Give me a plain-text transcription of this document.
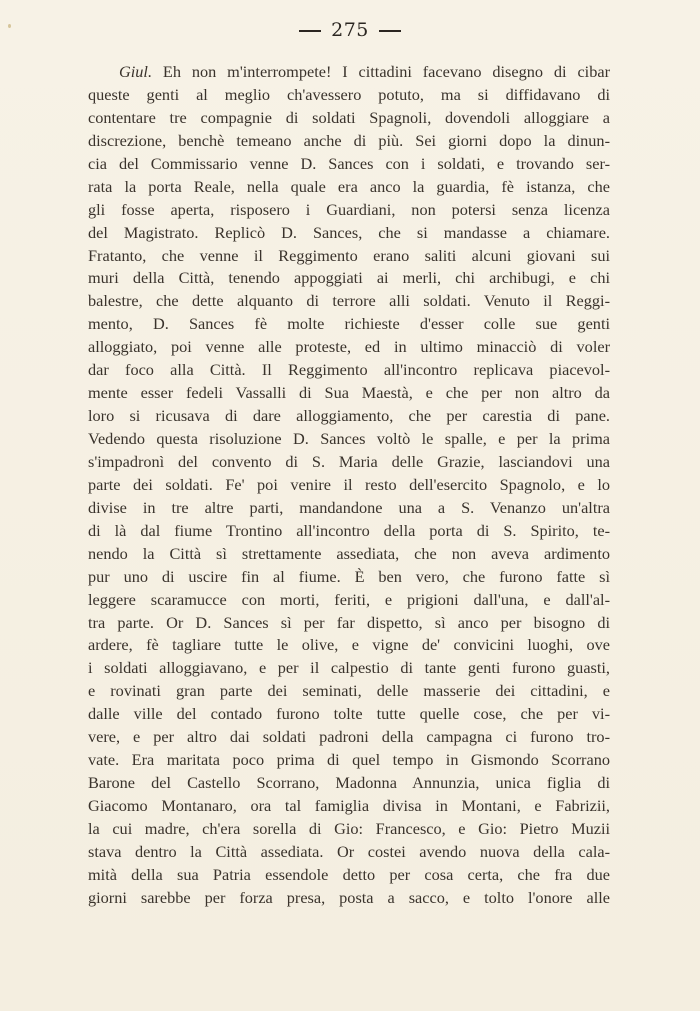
275
Giul. Eh non m'interrompete! I cittadini facevano disegno di cibar
queste genti al meglio ch'avessero potuto, ma si diffidavano di
contentare tre compagnie di soldati Spagnoli, dovendoli alloggiare a
discrezione, benchè temeano anche di più. Sei giorni dopo la dinun-
cia del Commissario venne D. Sances con i soldati, e trovando ser-
rata la porta Reale, nella quale era anco la guardia, fè istanza, che
gli fosse aperta, risposero i Guardiani, non potersi senza licenza
del Magistrato. Replicò D. Sances, che si mandasse a chiamare.
Fratanto, che venne il Reggimento erano saliti alcuni giovani sui
muri della Città, tenendo appoggiati ai merli, chi archibugi, e chi
balestre, che dette alquanto di terrore alli soldati. Venuto il Reggi-
mento, D. Sances fè molte richieste d'esser colle sue genti
alloggiato, poi venne alle proteste, ed in ultimo minacciò di voler
dar foco alla Città. Il Reggimento all'incontro replicava piacevol-
mente esser fedeli Vassalli di Sua Maestà, e che per non altro da
loro si ricusava di dare alloggiamento, che per carestia di pane.
Vedendo questa risoluzione D. Sances voltò le spalle, e per la prima
s'impadronì del convento di S. Maria delle Grazie, lasciandovi una
parte dei soldati. Fe' poi venire il resto dell'esercito Spagnolo, e lo
divise in tre altre parti, mandandone una a S. Venanzo un'altra
di là dal fiume Trontino all'incontro della porta di S. Spirito, te-
nendo la Città sì strettamente assediata, che non aveva ardimento
pur uno di uscire fin al fiume. È ben vero, che furono fatte sì
leggere scaramucce con morti, feriti, e prigioni dall'una, e dall'al-
tra parte. Or D. Sances sì per far dispetto, sì anco per bisogno di
ardere, fè tagliare tutte le olive, e vigne de' convicini luoghi, ove
i soldati alloggiavano, e per il calpestio di tante genti furono guasti,
e rovinati gran parte dei seminati, delle masserie dei cittadini, e
dalle ville del contado furono tolte tutte quelle cose, che per vi-
vere, e per altro dai soldati padroni della campagna ci furono tro-
vate. Era maritata poco prima di quel tempo in Gismondo Scorrano
Barone del Castello Scorrano, Madonna Annunzia, unica figlia di
Giacomo Montanaro, ora tal famiglia divisa in Montani, e Fabrizii,
la cui madre, ch'era sorella di Gio: Francesco, e Gio: Pietro Muzii
stava dentro la Città assediata. Or costei avendo nuova della cala-
mità della sua Patria essendole detto per cosa certa, che fra due
giorni sarebbe per forza presa, posta a sacco, e tolto l'onore alle
